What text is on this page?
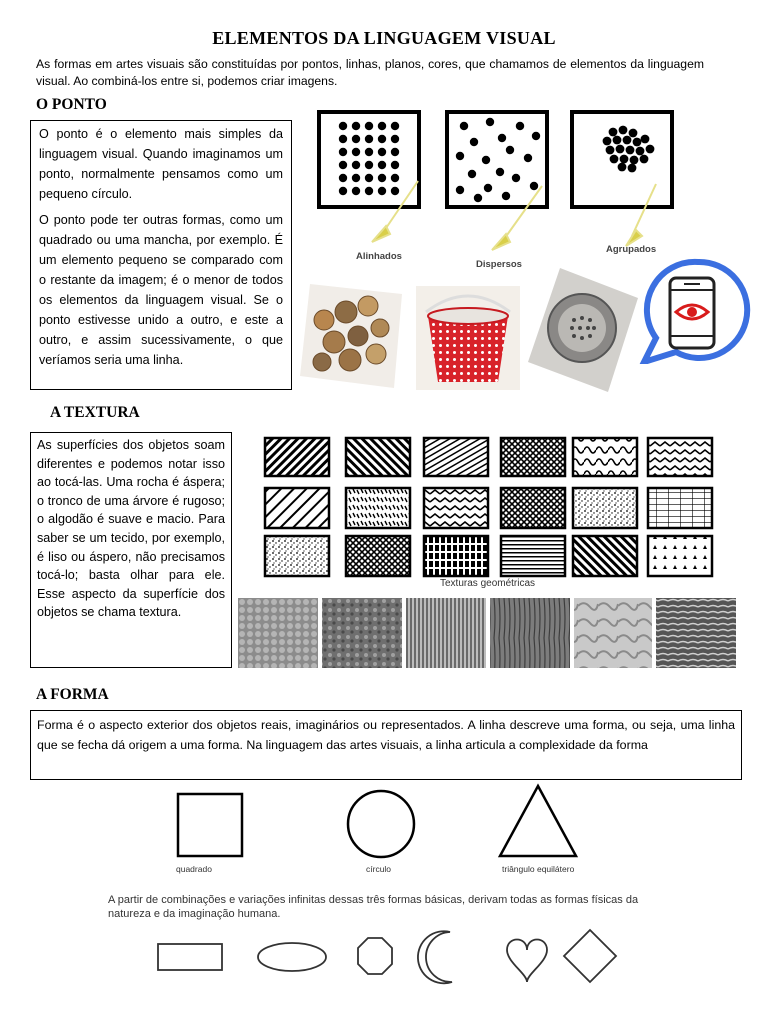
ELEMENTOS DA LINGUAGEM VISUAL
As formas em artes visuais são constituídas por pontos, linhas, planos, cores, que chamamos de elementos da linguagem visual. Ao combiná-los entre si, podemos criar imagens.
O PONTO

O ponto é o elemento mais simples da linguagem visual. Quando imaginamos um ponto, normalmente pensamos como um pequeno círculo.

O ponto pode ter outras formas, como um quadrado ou uma mancha, por exemplo. É um elemento pequeno se comparado com o restante da imagem; é o menor de todos os elementos da linguagem visual. Se o ponto estivesse unido a outro, e este a outro, e assim sucessivamente, o que veríamos seria uma linha.

Alinhados
Dispersos
Agrupados
A TEXTURA

As superfícies dos objetos soam diferentes e podemos notar isso ao tocá-las. Uma rocha é áspera; o tronco de uma árvore é rugoso; o algodão é suave e macio. Para saber se um tecido, por exemplo, é liso ou áspero, não precisamos tocá-lo; basta olhar para ele. Esse aspecto da superfície dos objetos se chama textura.

Texturas geométricas
A FORMA

Forma é o aspecto exterior dos objetos reais, imaginários ou representados. A linha descreve uma forma, ou seja, uma linha que se fecha dá origem a uma forma. Na linguagem das artes visuais, a linha articula a complexidade da forma

quadrado	círculo	triângulo equilátero
A partir de combinações e variações infinitas dessas três formas básicas, derivam todas as formas físicas da natureza e da imaginação humana.
